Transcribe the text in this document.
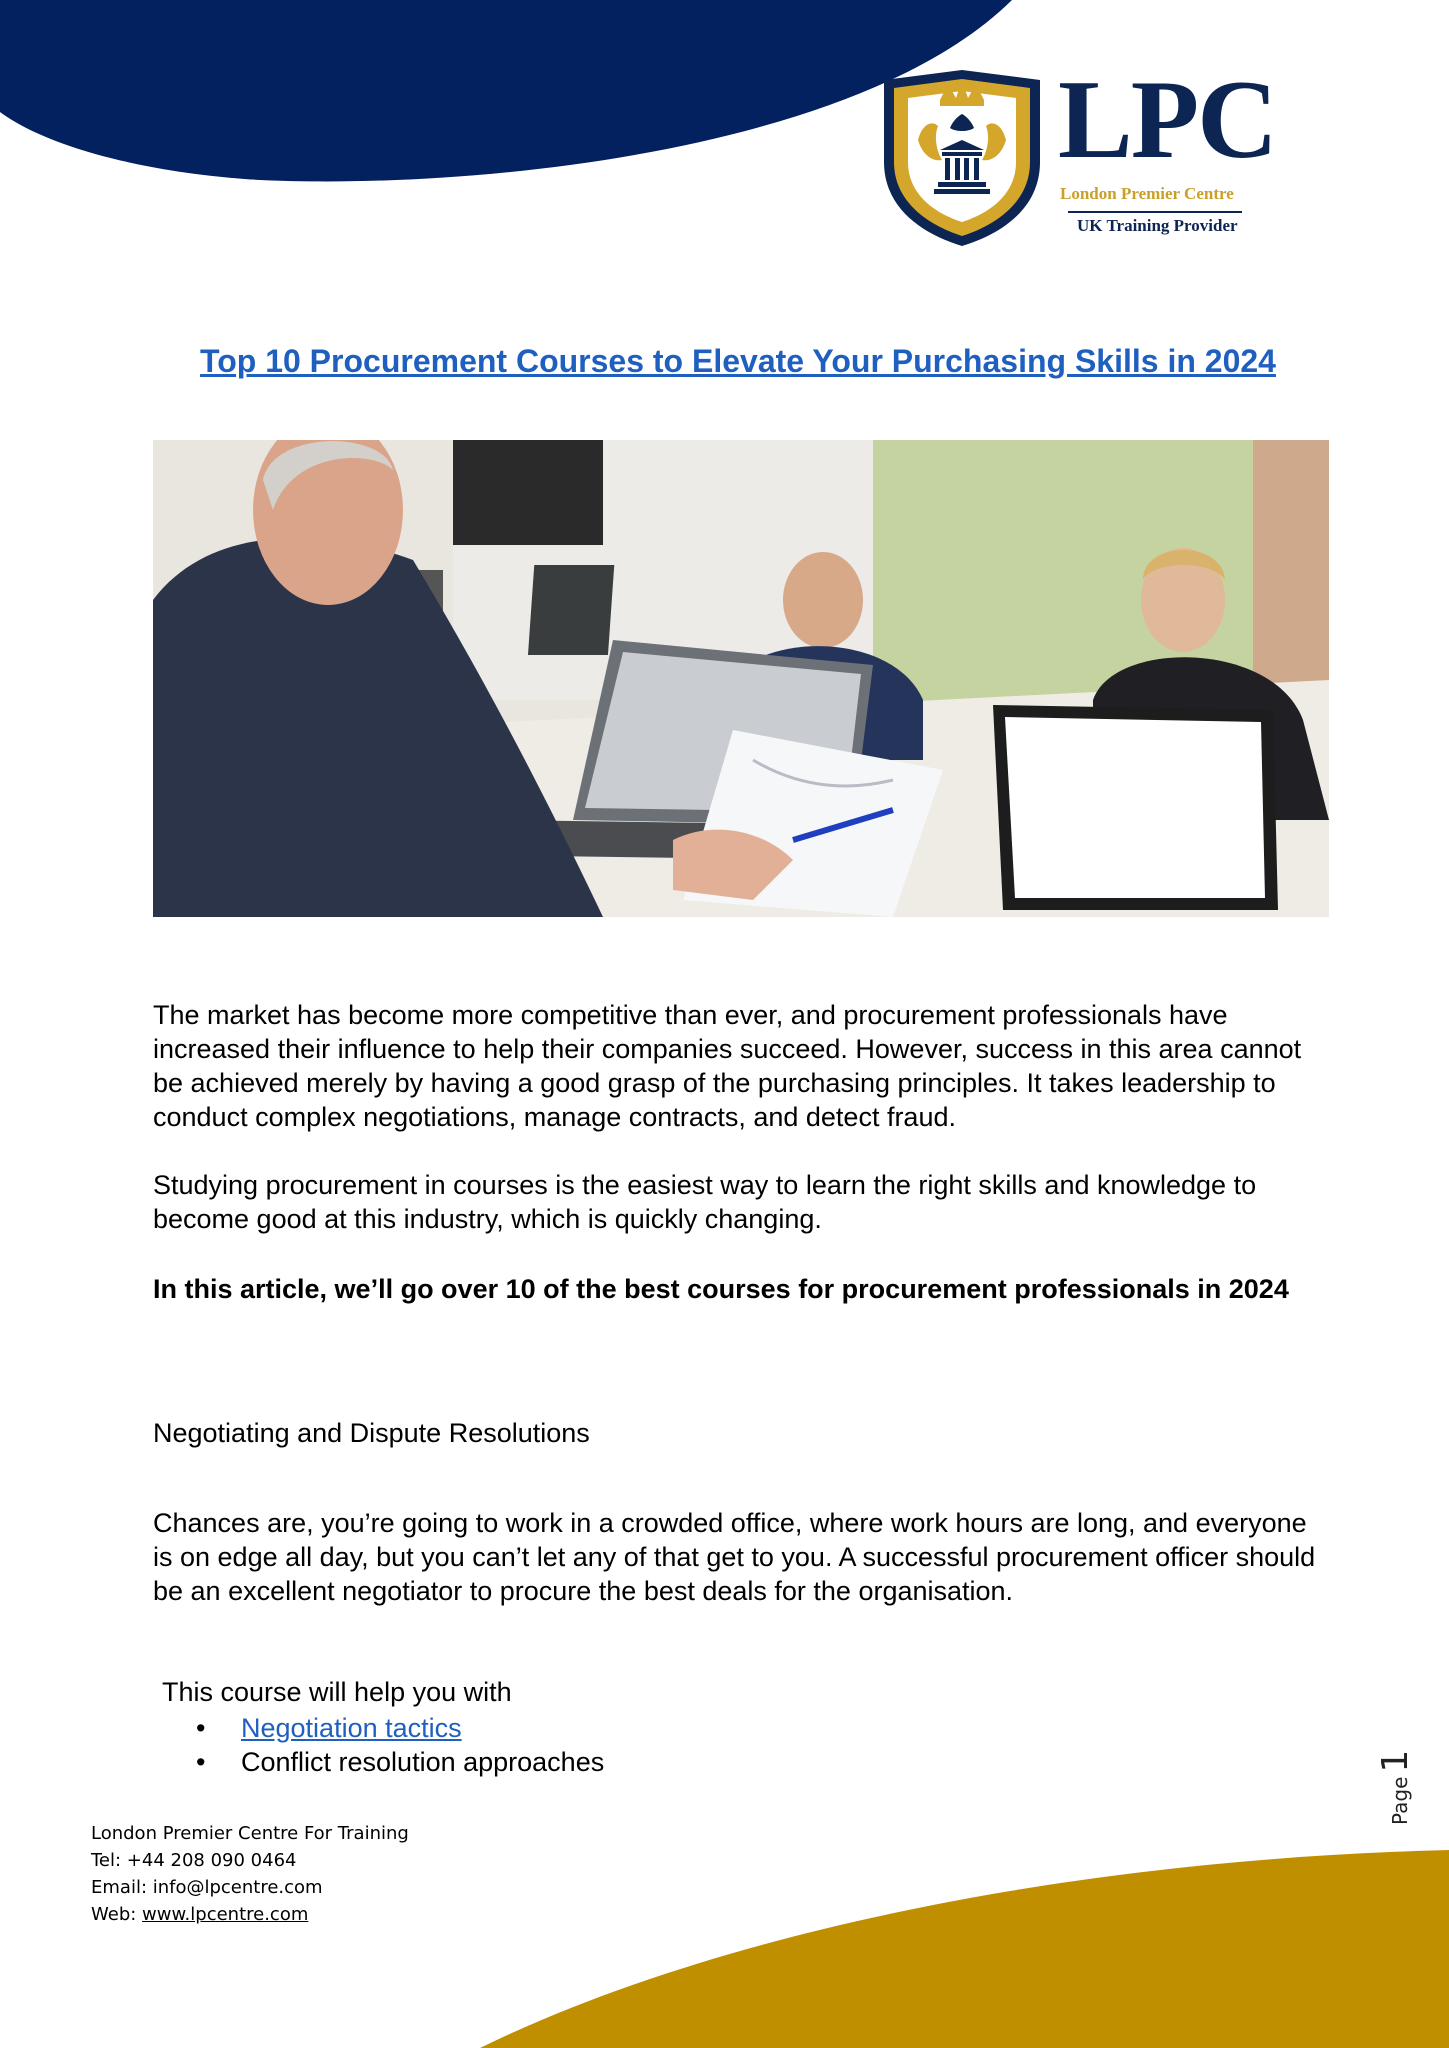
LPC
London Premier Centre
UK Training Provider
Top 10 Procurement Courses to Elevate Your Purchasing Skills in 2024

The market has become more competitive than ever, and procurement professionals have increased their influence to help their companies succeed. However, success in this area cannot be achieved merely by having a good grasp of the purchasing principles. It takes leadership to conduct complex negotiations, manage contracts, and detect fraud.

Studying procurement in courses is the easiest way to learn the right skills and knowledge to become good at this industry, which is quickly changing.

In this article, we’ll go over 10 of the best courses for procurement professionals in 2024

Negotiating and Dispute Resolutions

Chances are, you’re going to work in a crowded office, where work hours are long, and everyone is on edge all day, but you can’t let any of that get to you. A successful procurement officer should be an excellent negotiator to procure the best deals for the organisation.

This course will help you with

• Negotiation tactics
• Conflict resolution approaches
Page1
London Premier Centre For Training
Tel: +44 208 090 0464
Email: info@lpcentre.com
Web: www.lpcentre.com
